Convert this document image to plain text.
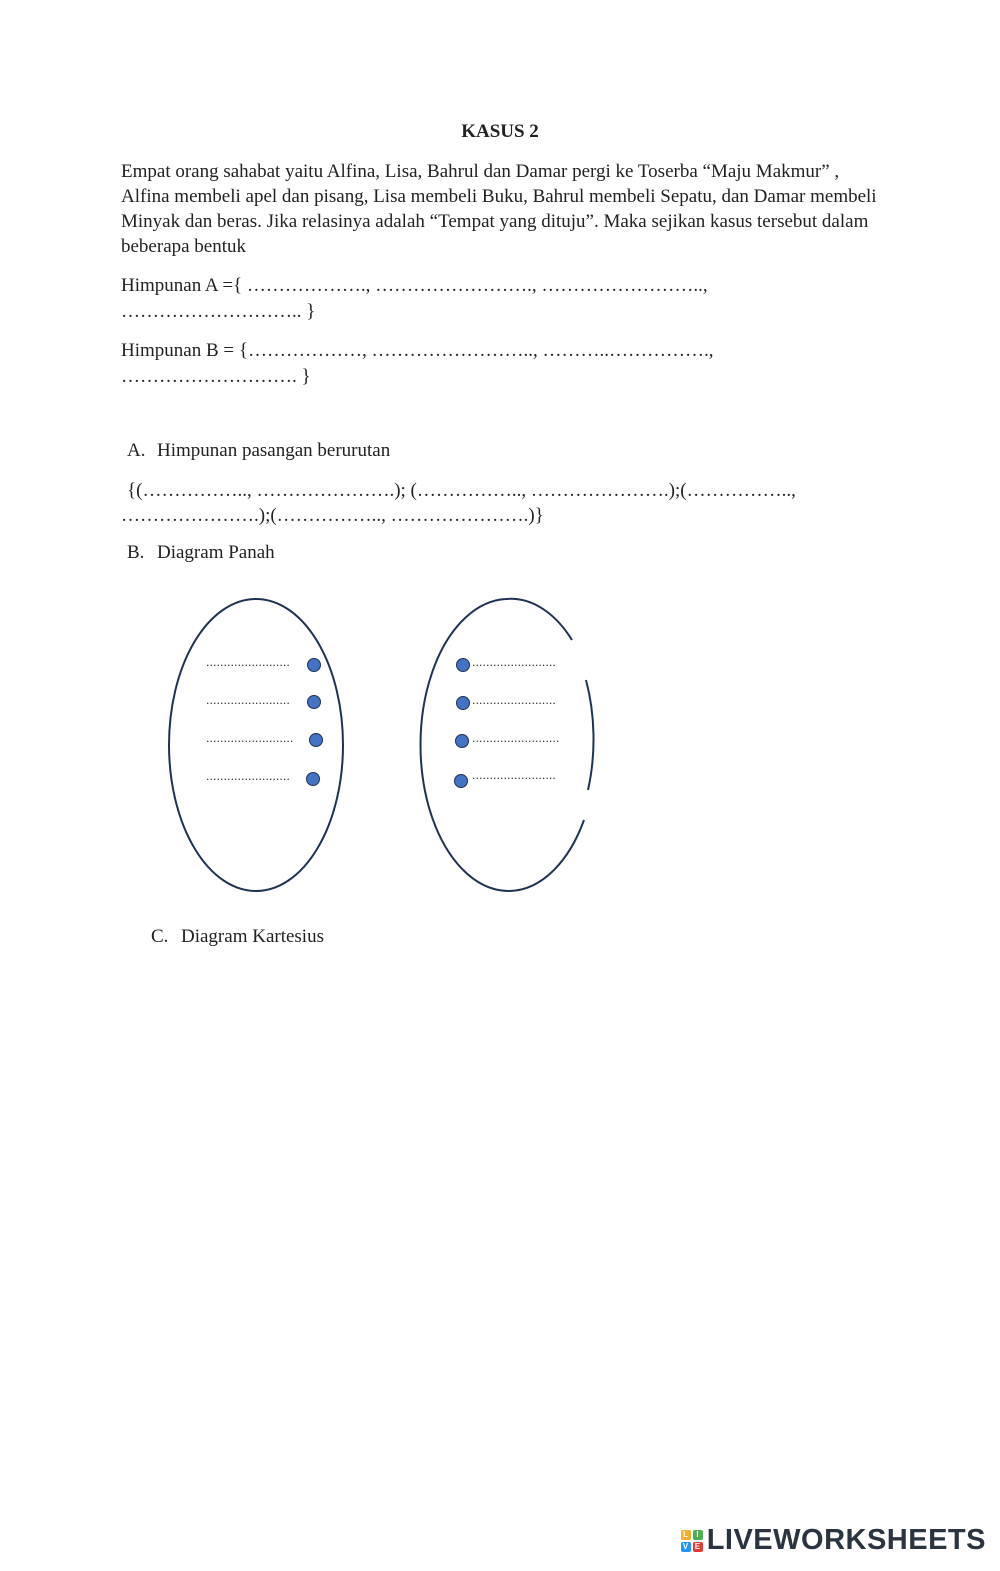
KASUS 2

Empat orang sahabat yaitu Alfina, Lisa, Bahrul dan Damar pergi ke Toserba “Maju Makmur” , Alfina membeli apel dan pisang, Lisa membeli Buku, Bahrul membeli Sepatu, dan Damar membeli Minyak dan beras. Jika relasinya adalah “Tempat yang dituju”. Maka sejikan kasus tersebut dalam beberapa bentuk

Himpunan A ={ ………………., ……………………., ……………………..,
……………………….. }
Himpunan B = {………………, …………………….., ………..…………….,
………………………. }
A. Himpunan pasangan berurutan
{(…………….., ………………….); (…………….., ………………….);(……………..,
………………….);(…………….., ………………….)}
B. Diagram Panah
........................
........................
.........................
........................
........................
........................
.........................
........................
C. Diagram Kartesius
L I
V E LIVEWORKSHEETS
